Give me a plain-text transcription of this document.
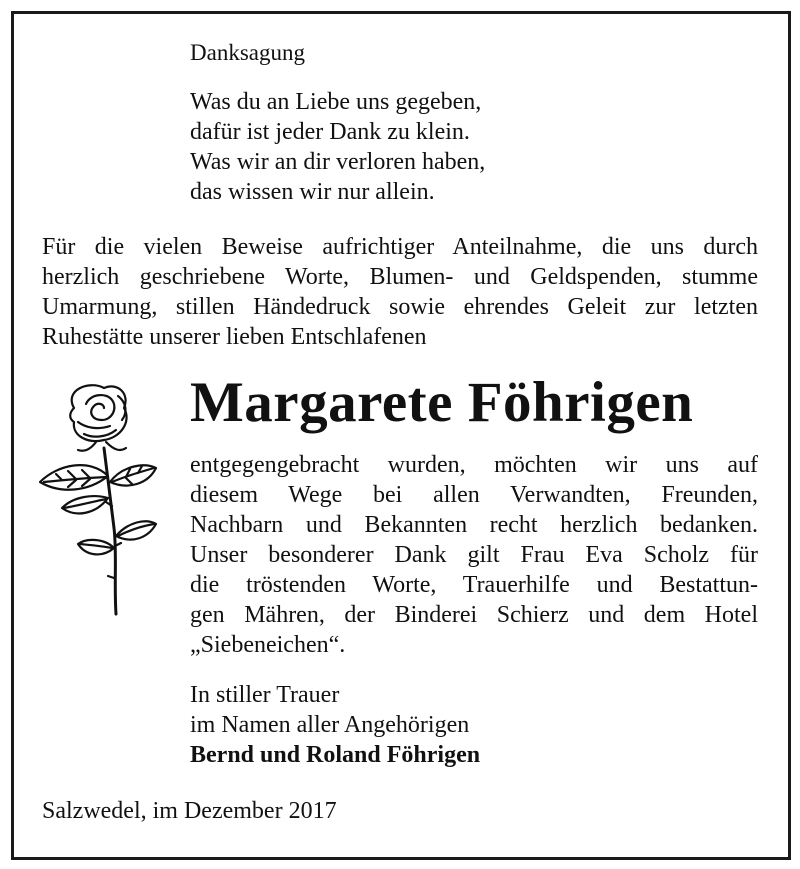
Danksagung
Was du an Liebe uns gegeben,
dafür ist jeder Dank zu klein.
Was wir an dir verloren haben,
das wissen wir nur allein.
Für die vielen Beweise aufrichtiger Anteilnahme, die uns durch
herzlich geschriebene Worte, Blumen- und Geldspenden, stumme
Umarmung, stillen Händedruck sowie ehrendes Geleit zur letzten
Ruhestätte unserer lieben Entschlafenen
Margarete Föhrigen
entgegengebracht wurden, möchten wir uns auf
diesem Wege bei allen Verwandten, Freunden,
Nachbarn und Bekannten recht herzlich bedanken.
Unser besonderer Dank gilt Frau Eva Scholz für
die tröstenden Worte, Trauerhilfe und Bestattun-
gen Mähren, der Binderei Schierz und dem Hotel
„Siebeneichen“.
In stiller Trauer
im Namen aller Angehörigen
Bernd und Roland Föhrigen
Salzwedel, im Dezember 2017
